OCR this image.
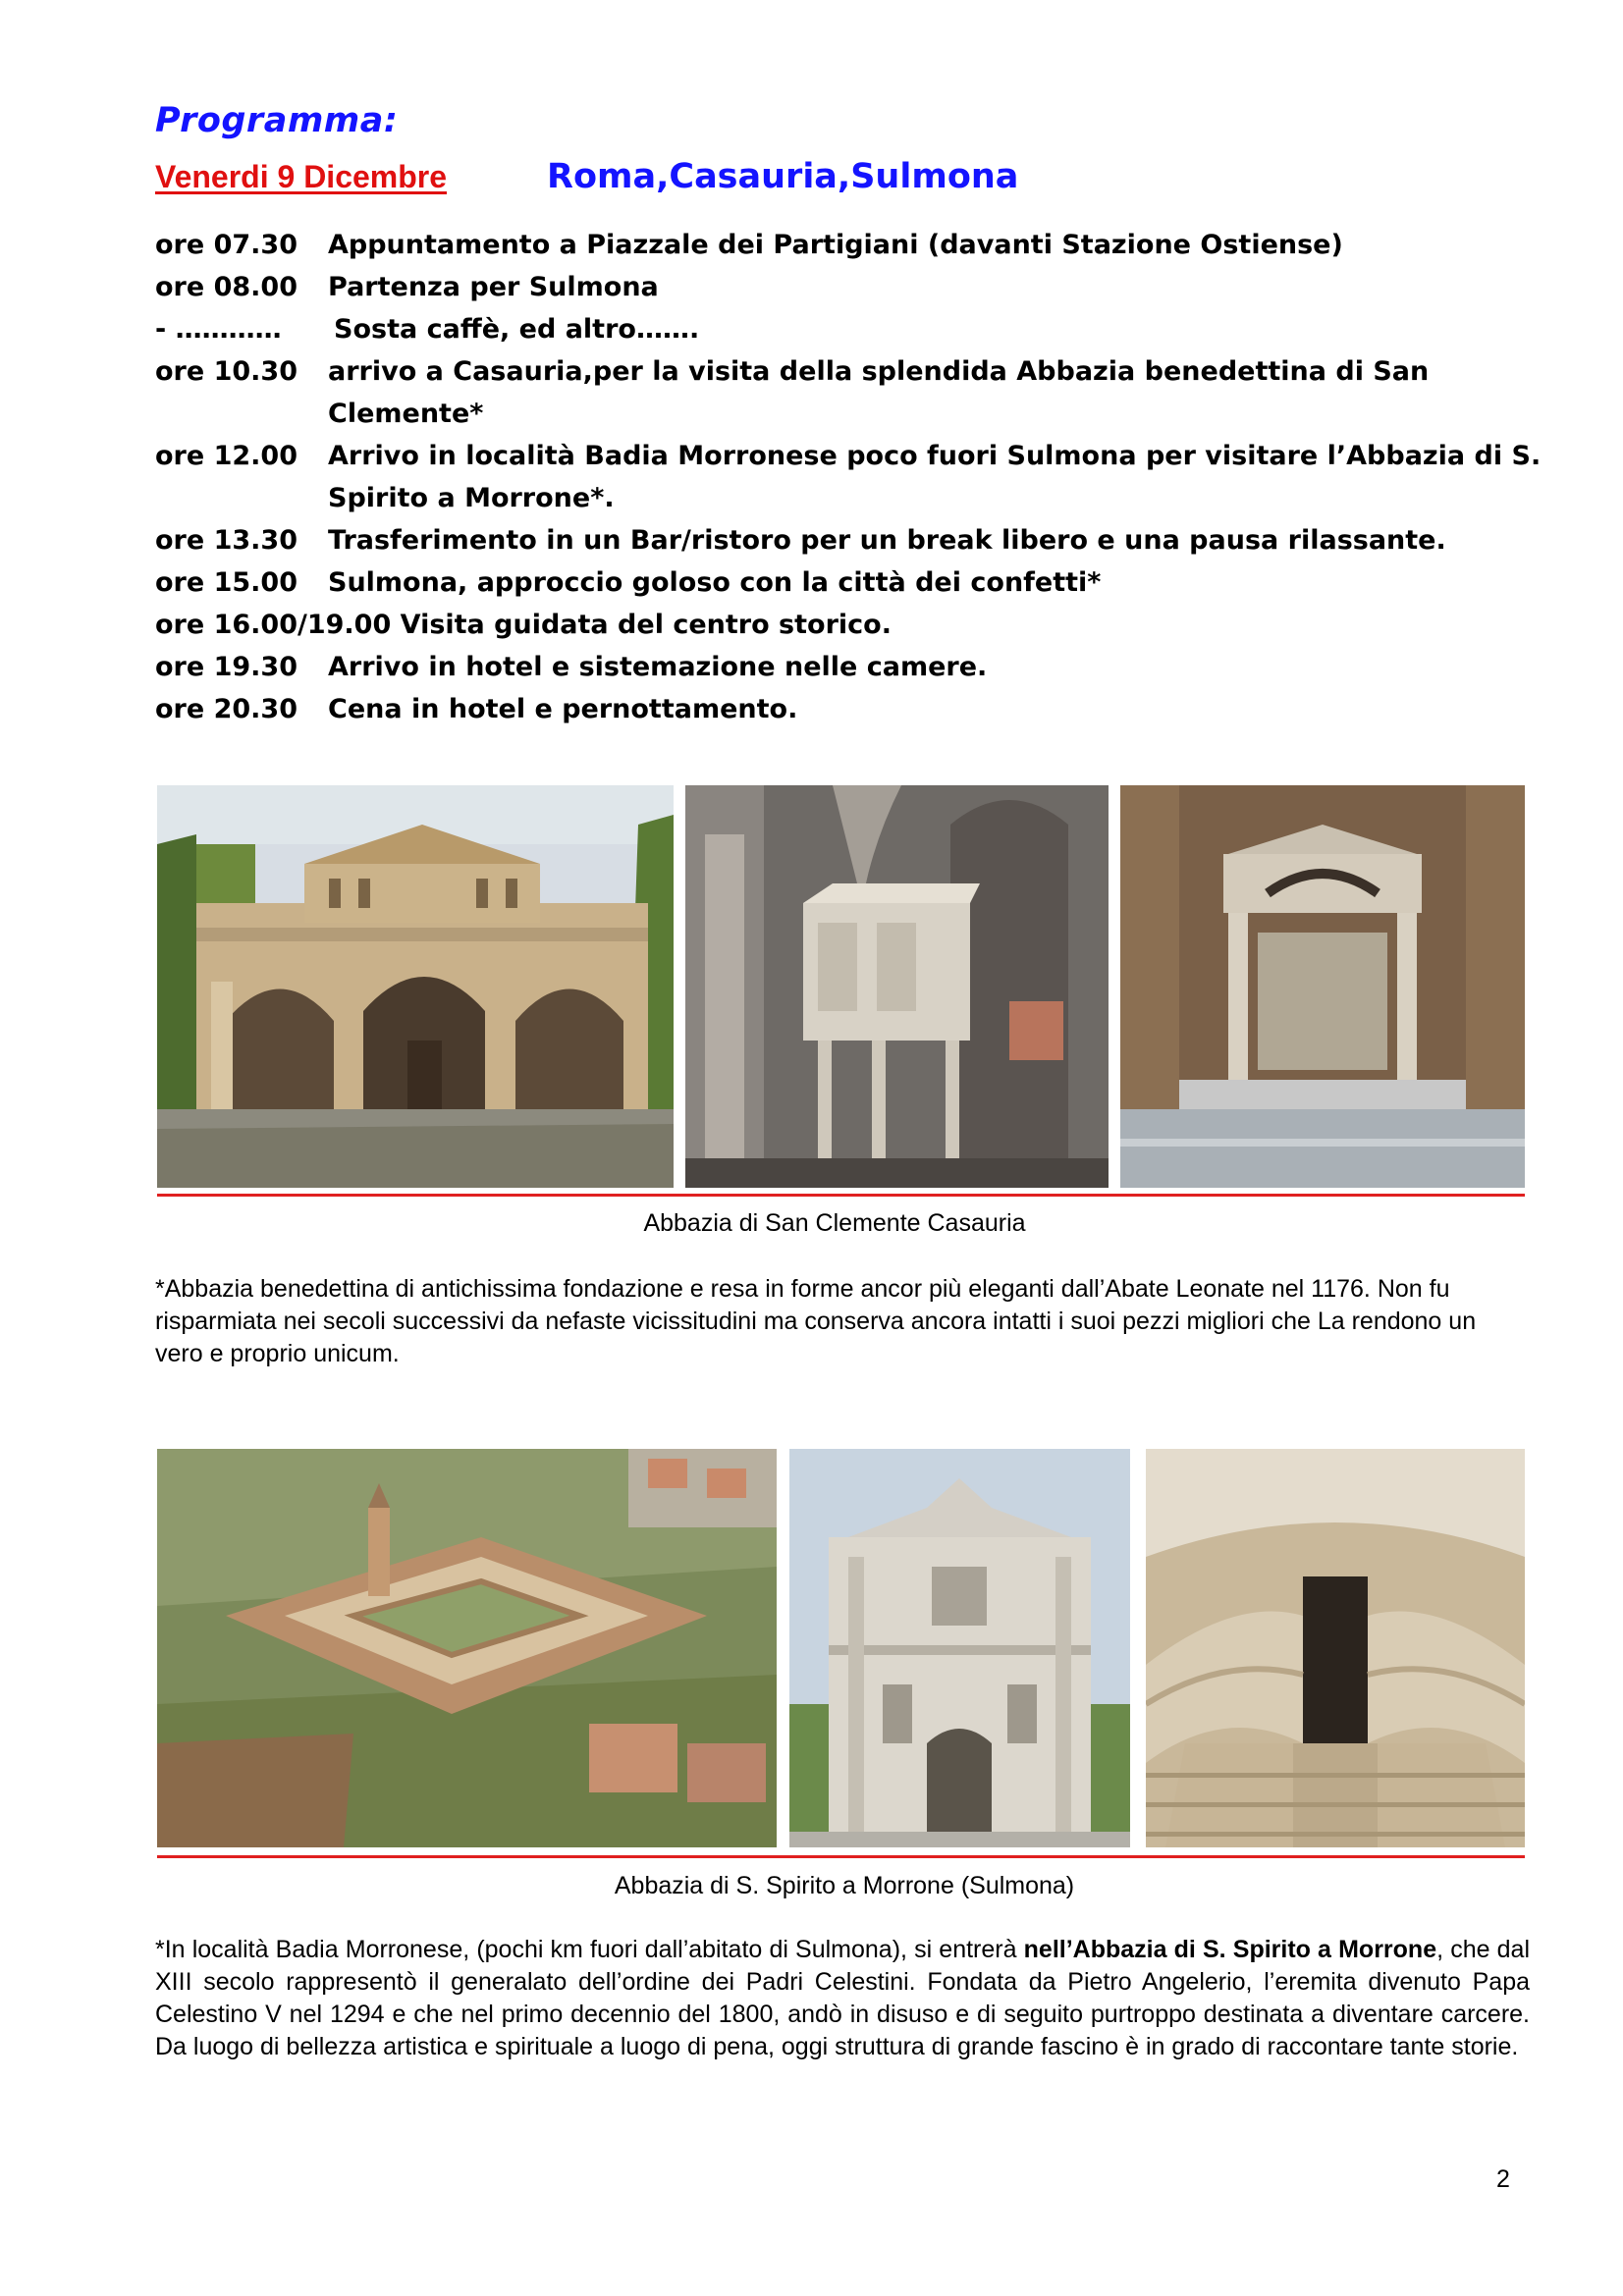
Programma:
Venerdi 9 Dicembre	Roma,Casauria,Sulmona
ore 07.30 Appuntamento a Piazzale dei Partigiani (davanti Stazione Ostiense)
ore 08.00 Partenza per Sulmona
- ………… Sosta caffè, ed altro…….
ore 10.30 arrivo a Casauria,per la visita della splendida Abbazia benedettina di San
Clemente*
ore 12.00 Arrivo in località Badia Morronese poco fuori Sulmona per visitare l’Abbazia di S.
Spirito a Morrone*.
ore 13.30 Trasferimento in un Bar/ristoro per un break libero e una pausa rilassante.
ore 15.00 Sulmona, approccio goloso con la città dei confetti*
ore 16.00/19.00 Visita guidata del centro storico.
ore 19.30 Arrivo in hotel e sistemazione nelle camere.
ore 20.30 Cena in hotel e pernottamento.
Abbazia di San Clemente Casauria
*Abbazia benedettina di antichissima fondazione e resa in forme ancor più eleganti dall’Abate Leonate nel 1176. Non fu risparmiata nei secoli successivi da nefaste vicissitudini ma conserva ancora intatti i suoi pezzi migliori che La rendono un vero e proprio unicum.
Abbazia di S. Spirito a Morrone (Sulmona)
*In località Badia Morronese, (pochi km fuori dall’abitato di Sulmona), si entrerà nell’Abbazia di S. Spirito a Morrone, che dal XIII secolo rappresentò il generalato dell’ordine dei Padri Celestini. Fondata da Pietro Angelerio, l’eremita divenuto Papa Celestino V nel 1294 e che nel primo decennio del 1800, andò in disuso e di seguito purtroppo destinata a diventare carcere. Da luogo di bellezza artistica e spirituale a luogo di pena, oggi struttura di grande fascino è in grado di raccontare tante storie.
2
